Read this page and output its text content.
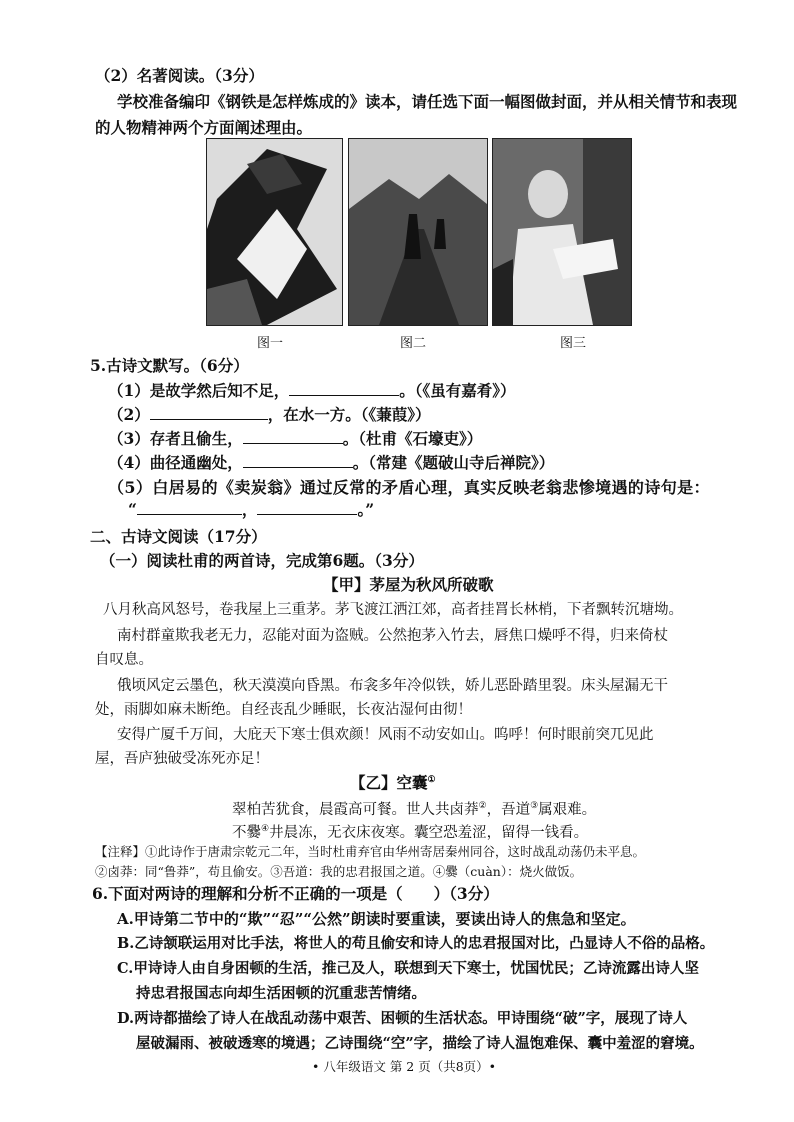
（2）名著阅读。（3分）
学校准备编印《钢铁是怎样炼成的》读本，请任选下面一幅图做封面，并从相关情节和表现
的人物精神两个方面阐述理由。
图一	图二	图三
5.古诗文默写。（6分）
（1）是故学然后知不足，	。（《虽有嘉肴》）
（2）	，在水一方。（《蒹葭》）
（3）存者且偷生，	。（杜甫《石壕吏》）
（4）曲径通幽处，	。（常建《题破山寺后禅院》）
（5）白居易的《卖炭翁》通过反常的矛盾心理，真实反映老翁悲惨境遇的诗句是：
“	，	。”
二、古诗文阅读（17分）
（一）阅读杜甫的两首诗，完成第6题。（3分）
【甲】茅屋为秋风所破歌
八月秋高风怒号，卷我屋上三重茅。茅飞渡江洒江郊，高者挂罥长林梢，下者飘转沉塘坳。
南村群童欺我老无力，忍能对面为盗贼。公然抱茅入竹去，唇焦口燥呼不得，归来倚杖
自叹息。
俄顷风定云墨色，秋天漠漠向昏黑。布衾多年冷似铁，娇儿恶卧踏里裂。床头屋漏无干
处，雨脚如麻未断绝。自经丧乱少睡眠，长夜沾湿何由彻！
安得广厦千万间，大庇天下寒士俱欢颜！风雨不动安如山。呜呼！何时眼前突兀见此
屋，吾庐独破受冻死亦足！
【乙】空囊①
翠柏苦犹食，晨霞高可餐。世人共卤莽②，吾道③属艰难。
不爨④井晨冻，无衣床夜寒。囊空恐羞涩，留得一钱看。
【注释】①此诗作于唐肃宗乾元二年，当时杜甫弃官由华州寄居秦州同谷，这时战乱动荡仍未平息。
②卤莽：同“鲁莽”，苟且偷安。③吾道：我的忠君报国之道。④爨（cuàn）：烧火做饭。
6.下面对两诗的理解和分析不正确的一项是（　　）（3分）
A.甲诗第二节中的“欺”“忍”“公然”朗读时要重读，要读出诗人的焦急和坚定。
B.乙诗颔联运用对比手法，将世人的苟且偷安和诗人的忠君报国对比，凸显诗人不俗的品格。
C.甲诗诗人由自身困顿的生活，推己及人，联想到天下寒士，忧国忧民；乙诗流露出诗人坚
持忠君报国志向却生活困顿的沉重悲苦情绪。
D.两诗都描绘了诗人在战乱动荡中艰苦、困顿的生活状态。甲诗围绕“破”字，展现了诗人
屋破漏雨、被破透寒的境遇；乙诗围绕“空”字，描绘了诗人温饱难保、囊中羞涩的窘境。
• 八年级语文 第 2 页（共8页）•
